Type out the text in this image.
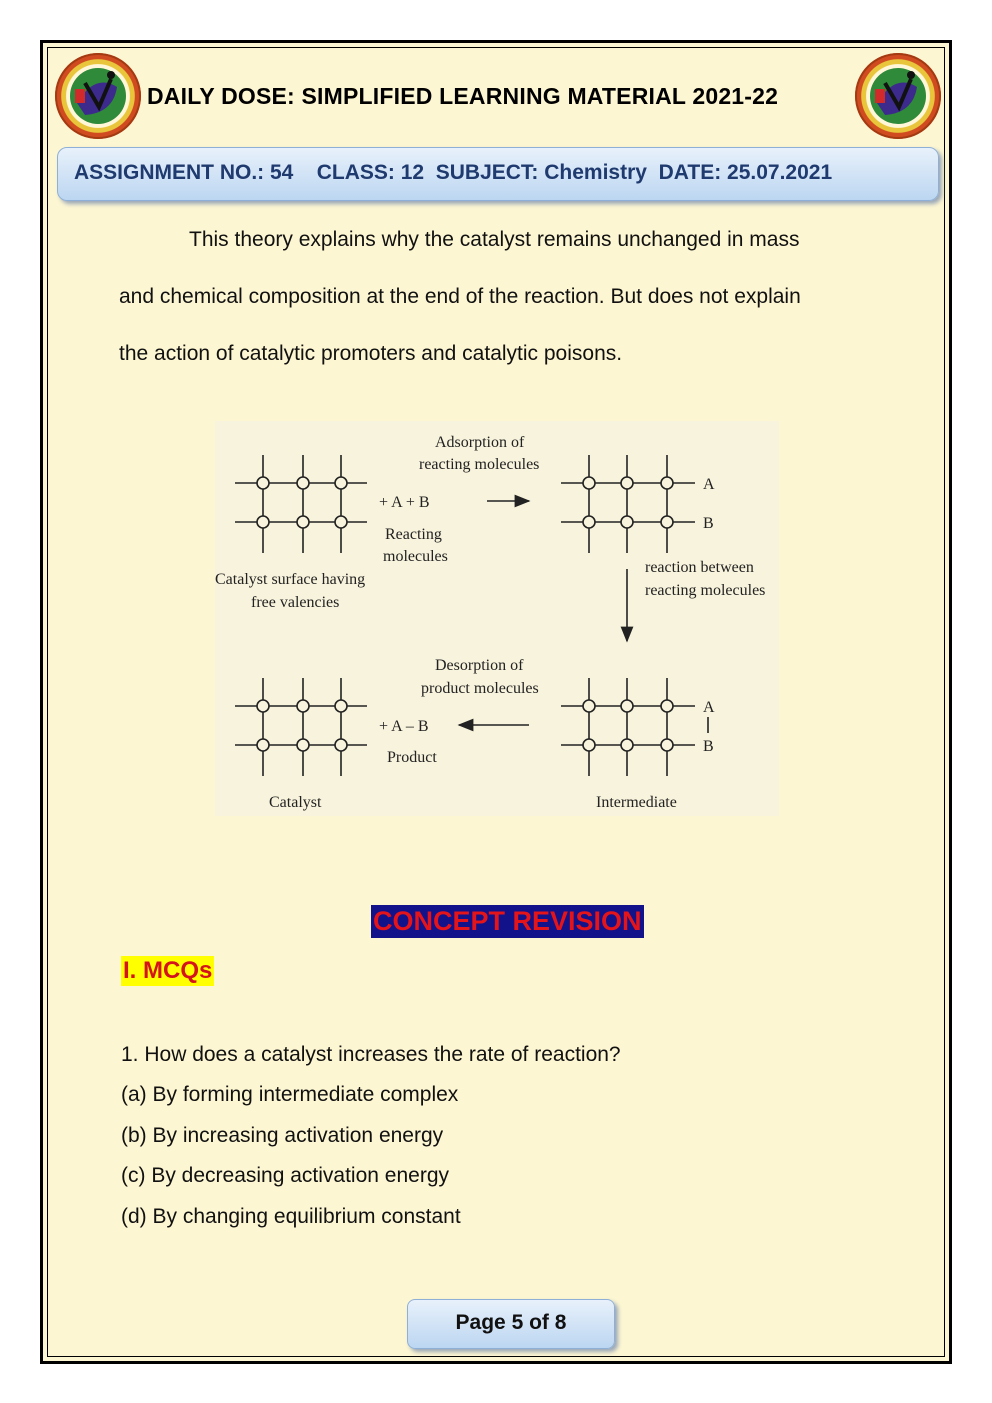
DAILY DOSE: SIMPLIFIED LEARNING MATERIAL 2021-22
ASSIGNMENT NO.: 54    CLASS: 12  SUBJECT: Chemistry  DATE: 25.07.2021
This theory explains why the catalyst remains unchanged in mass
and chemical composition at the end of the reaction. But does not explain
the action of catalytic promoters and catalytic poisons.
Adsorption of
reacting molecules
+ A + B
Reacting
molecules
Catalyst surface having
free valencies
A
B
reaction between
reacting molecules
Desorption of
product molecules
+ A – B
Product
A
B
Catalyst	Intermediate
CONCEPT REVISION
I. MCQs
1. How does a catalyst increases the rate of reaction?
(a) By forming intermediate complex
(b) By increasing activation energy
(c) By decreasing activation energy
(d) By changing equilibrium constant
Page 5 of 8
